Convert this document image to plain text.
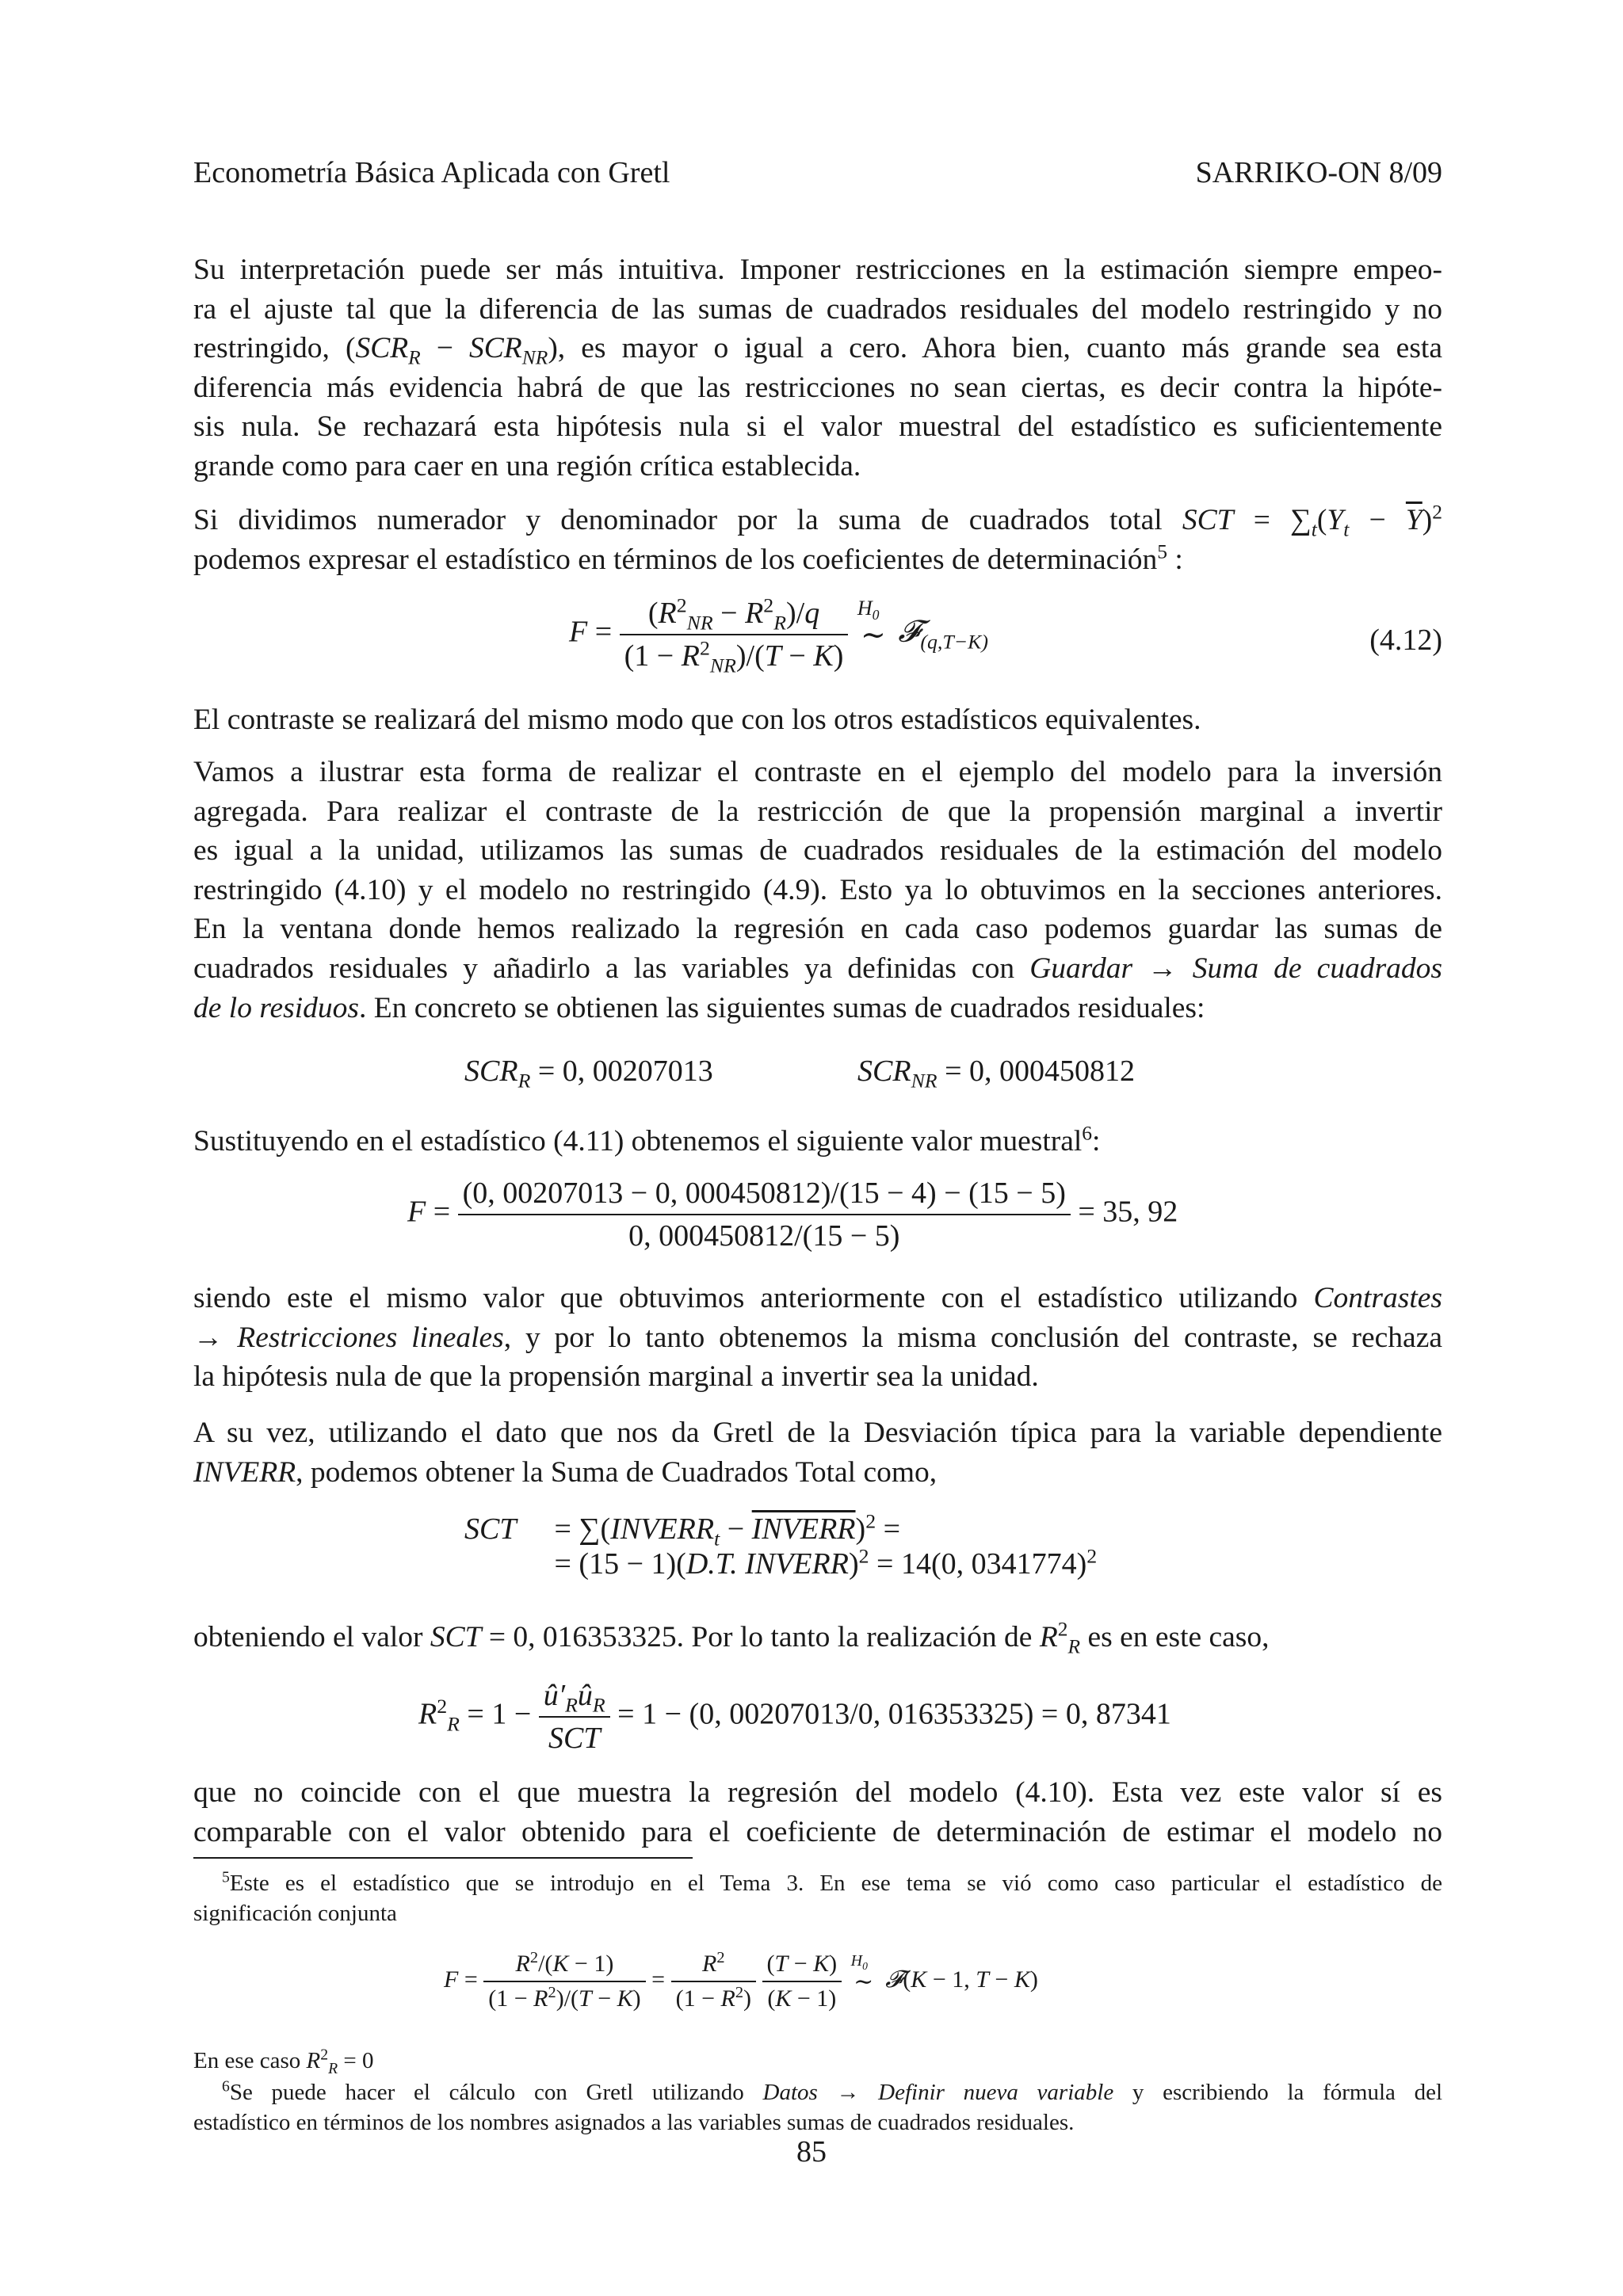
Econometría Básica Aplicada con Gretl	SARRIKO-ON 8/09
Su interpretación puede ser más intuitiva. Imponer restricciones en la estimación siempre empeo-
ra el ajuste tal que la diferencia de las sumas de cuadrados residuales del modelo restringido y no
restringido, $(SCR_R - SCR_{NR})$, es mayor o igual a cero. Ahora bien, cuanto más grande sea esta
diferencia más evidencia habrá de que las restricciones no sean ciertas, es decir contra la hipóte-
sis nula. Se rechazará esta hipótesis nula si el valor muestral del estadístico es suficientemente
grande como para caer en una región crítica establecida.
Si dividimos numerador y denominador por la suma de cuadrados total SCT = $\sum_t(Y_t - \overline{Y})^2$
podemos expresar el estadístico en términos de los coeficientes de determinación$^5$ :
$F = \frac{(R^2_{NR} - R^2_R)/q}{(1 - R^2_{NR})/(T - K)}$
$H_0$
∼ 𝓕$_{(q,T-K)}$	(4.12)
El contraste se realizará del mismo modo que con los otros estadísticos equivalentes.
Vamos a ilustrar esta forma de realizar el contraste en el ejemplo del modelo para la inversión
agregada. Para realizar el contraste de la restricción de que la propensión marginal a invertir
es igual a la unidad, utilizamos las sumas de cuadrados residuales de la estimación del modelo
restringido (4.10) y el modelo no restringido (4.9). Esto ya lo obtuvimos en la secciones anteriores.
En la ventana donde hemos realizado la regresión en cada caso podemos guardar las sumas de
cuadrados residuales y añadirlo a las variables ya definidas con Guardar → Suma de cuadrados
de lo residuos. En concreto se obtienen las siguientes sumas de cuadrados residuales:
$SCR_R = 0$, 00207013	$SCR_{NR} = 0$, 000450812
Sustituyendo en el estadístico (4.11) obtenemos el siguiente valor muestral$^6$:
$F = \frac{(0, 00207013 - 0, 000450812)/(15 - 4) - (15 - 5)}{0, 000450812/(15 - 5)} = 35$, 92
siendo este el mismo valor que obtuvimos anteriormente con el estadístico utilizando Contrastes
→ Restricciones lineales, y por lo tanto obtenemos la misma conclusión del contraste, se rechaza
la hipótesis nula de que la propensión marginal a invertir sea la unidad.
A su vez, utilizando el dato que nos da Gretl de la Desviación típica para la variable dependiente
INVERR, podemos obtener la Suma de Cuadrados Total como,
SCT = $\sum(INVERR_t$ − INVERR)$^2$ =
= (15 − 1)(D.T. INVERR)$^2$ = 14(0, 0341774)$^2$
obteniendo el valor SCT = 0, 016353325. Por lo tanto la realización de $R^2_R$ es en este caso,
$R^2_R = 1 - \frac{û'_Rû_R}{\text{SCT}} = 1 - (0$, 00207013/0, 016353325) = 0, 87341
que no coincide con el que muestra la regresión del modelo (4.10). Esta vez este valor sí es
comparable con el valor obtenido para el coeficiente de determinación de estimar el modelo no
$^5$Este es el estadístico que se introdujo en el Tema 3. En ese tema se vió como caso particular el estadístico de
significación conjunta
$F = \frac{R^2/(K - 1)}{(1 - R^2)/(T - K)} = \frac{R^2}{(1 - R^2)}$
$\frac{(T - K)}{(K - 1)}$
$H_0$
∼ 𝓕(K − 1, T − K)
En ese caso $R^2_R = 0$
$^6$Se puede hacer el cálculo con Gretl utilizando Datos → Definir nueva variable y escribiendo la fórmula del
estadístico en términos de los nombres asignados a las variables sumas de cuadrados residuales.
85
